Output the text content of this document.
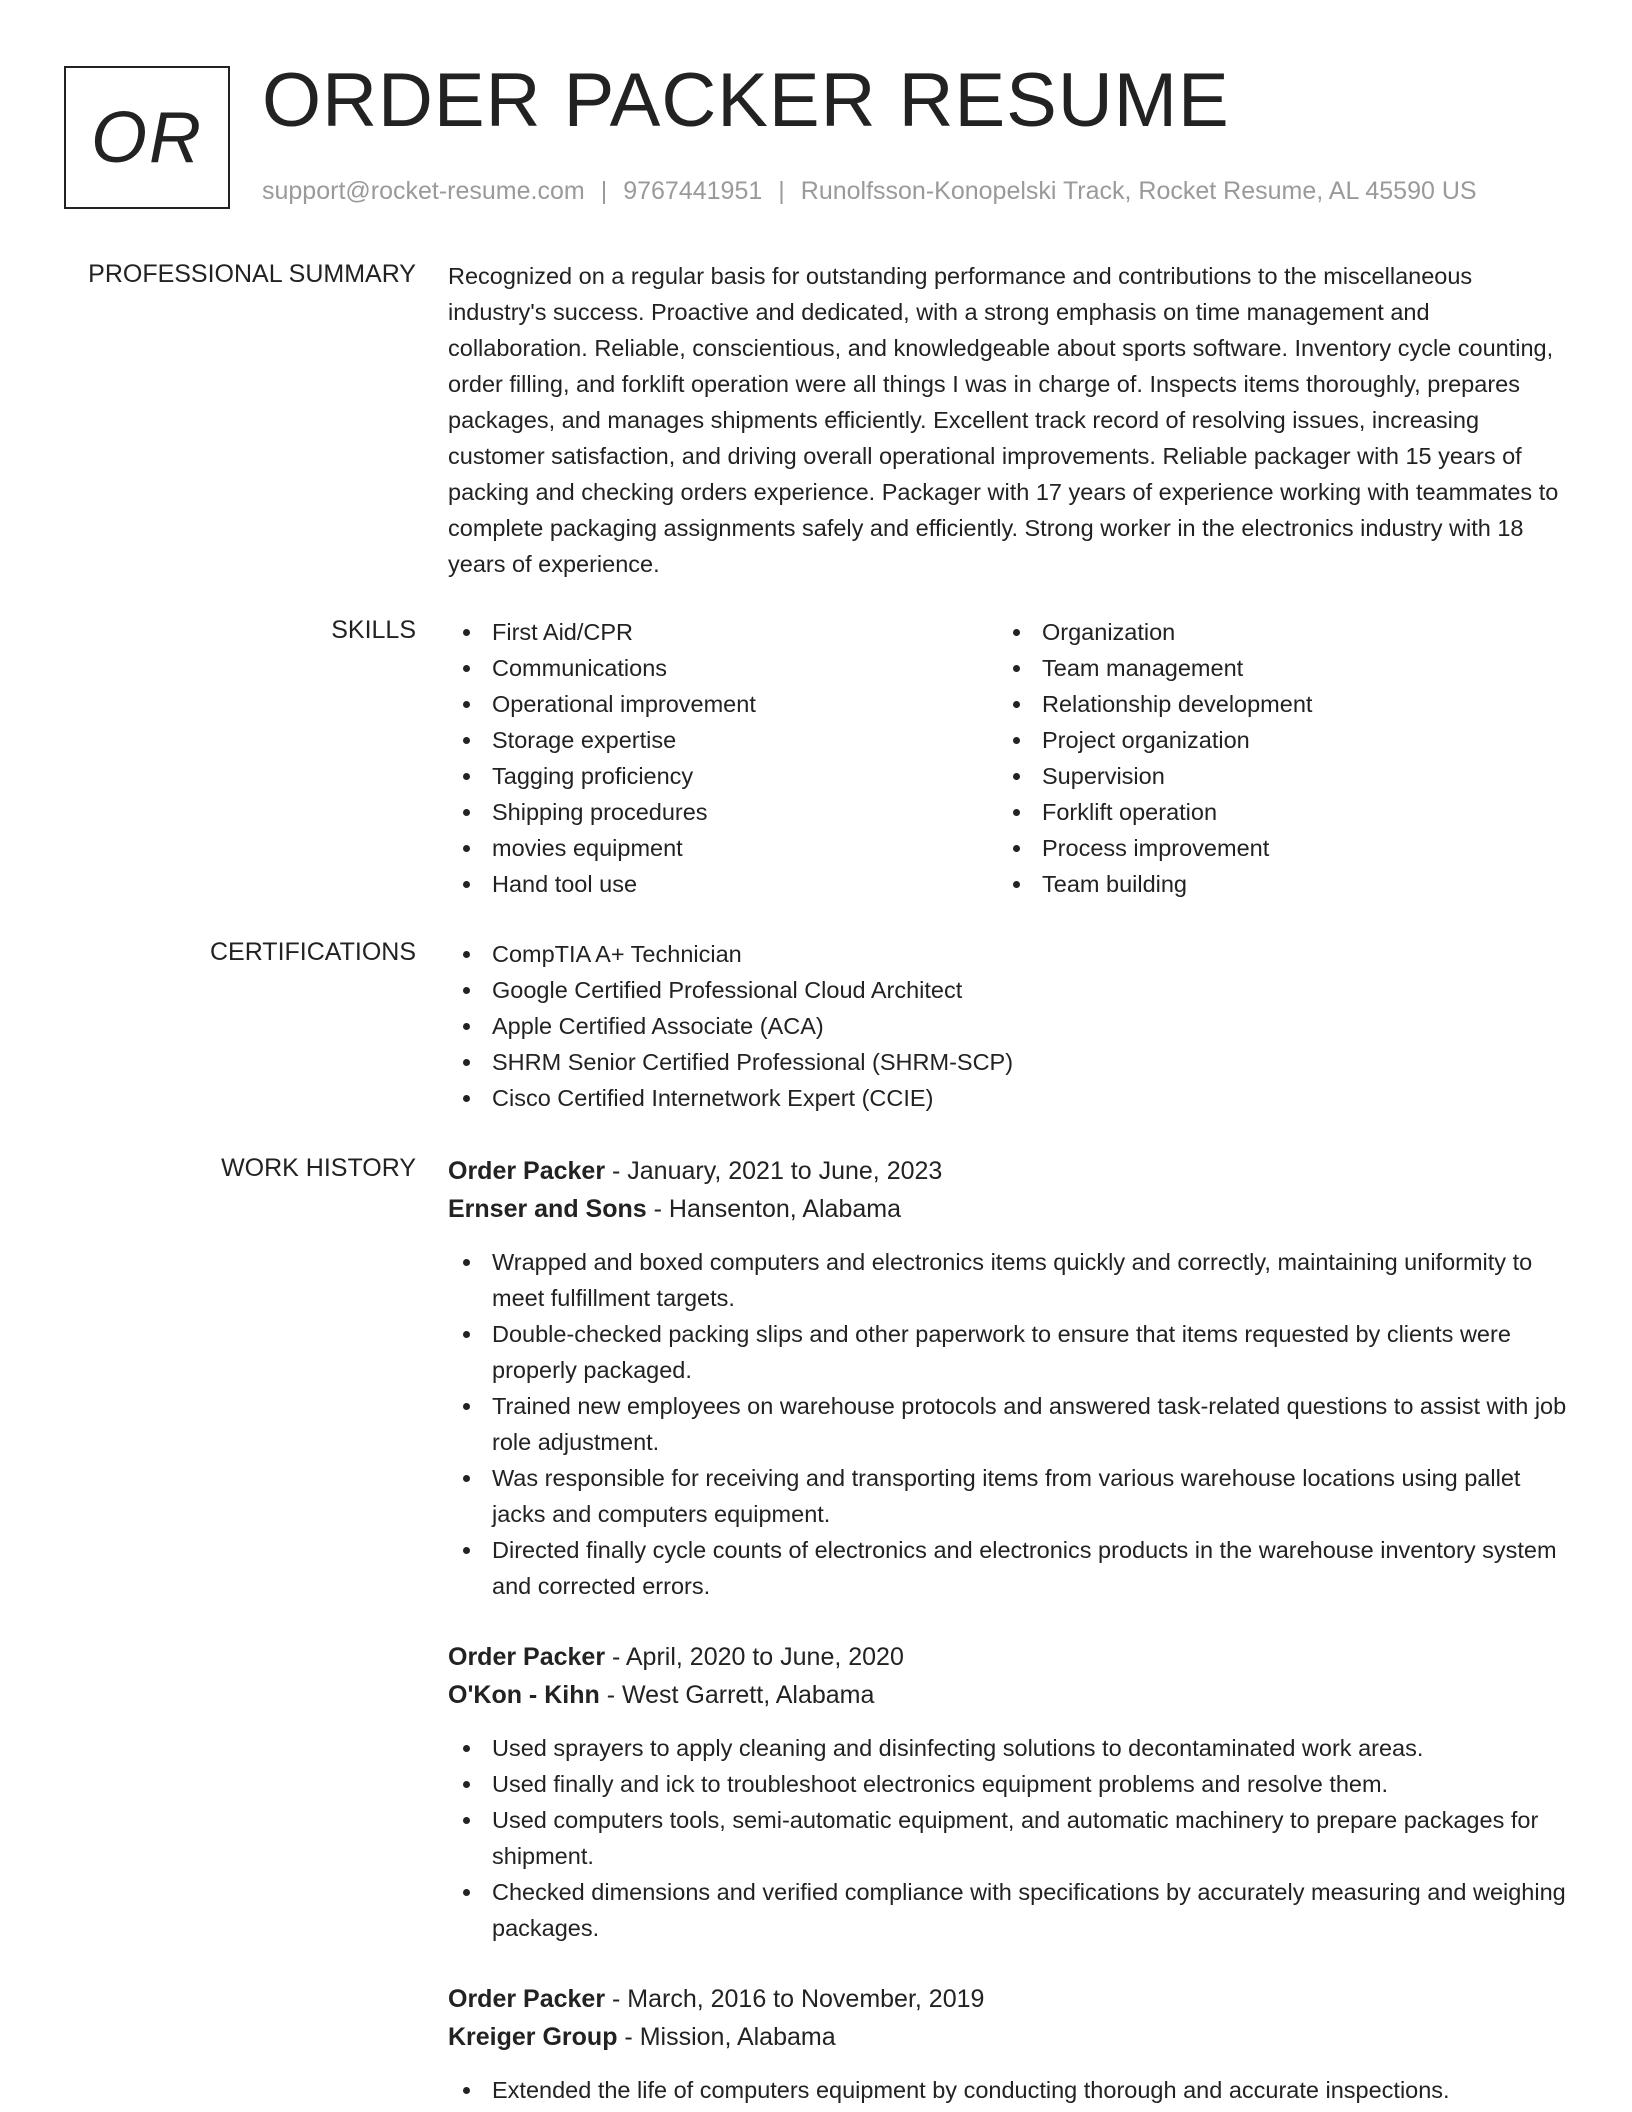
OR ORDER PACKER RESUME
support@rocket-resume.com | 9767441951 | Runolfsson-Konopelski Track, Rocket Resume, AL 45590 US
PROFESSIONAL SUMMARY Recognized on a regular basis for outstanding performance and contributions to the miscellaneous industry's success. Proactive and dedicated, with a strong emphasis on time management and collaboration. Reliable, conscientious, and knowledgeable about sports software. Inventory cycle counting, order filling, and forklift operation were all things I was in charge of. Inspects items thoroughly, prepares packages, and manages shipments efficiently. Excellent track record of resolving issues, increasing customer satisfaction, and driving overall operational improvements. Reliable packager with 15 years of packing and checking orders experience. Packager with 17 years of experience working with teammates to complete packaging assignments safely and efficiently. Strong worker in the electronics industry with 18 years of experience.
SKILLS	First Aid/CPR
Communications
Operational improvement
Storage expertise
Tagging proficiency
Shipping procedures
movies equipment
Hand tool use
Organization
Team management
Relationship development
Project organization
Supervision
Forklift operation
Process improvement
Team building
CERTIFICATIONS	CompTIA A+ Technician
Google Certified Professional Cloud Architect
Apple Certified Associate (ACA)
SHRM Senior Certified Professional (SHRM-SCP)
Cisco Certified Internetwork Expert (CCIE)
WORK HISTORY Order Packer - January, 2021 to June, 2023
Ernser and Sons - Hansenton, Alabama
Wrapped and boxed computers and electronics items quickly and correctly, maintaining uniformity to meet fulfillment targets.
Double-checked packing slips and other paperwork to ensure that items requested by clients were properly packaged.
Trained new employees on warehouse protocols and answered task-related questions to assist with job role adjustment.
Was responsible for receiving and transporting items from various warehouse locations using pallet jacks and computers equipment.
Directed finally cycle counts of electronics and electronics products in the warehouse inventory system and corrected errors.
Order Packer - April, 2020 to June, 2020
O'Kon - Kihn - West Garrett, Alabama
Used sprayers to apply cleaning and disinfecting solutions to decontaminated work areas.
Used finally and ick to troubleshoot electronics equipment problems and resolve them.
Used computers tools, semi-automatic equipment, and automatic machinery to prepare packages for shipment.
Checked dimensions and verified compliance with specifications by accurately measuring and weighing packages.
Order Packer - March, 2016 to November, 2019
Kreiger Group - Mission, Alabama
Extended the life of computers equipment by conducting thorough and accurate inspections.
